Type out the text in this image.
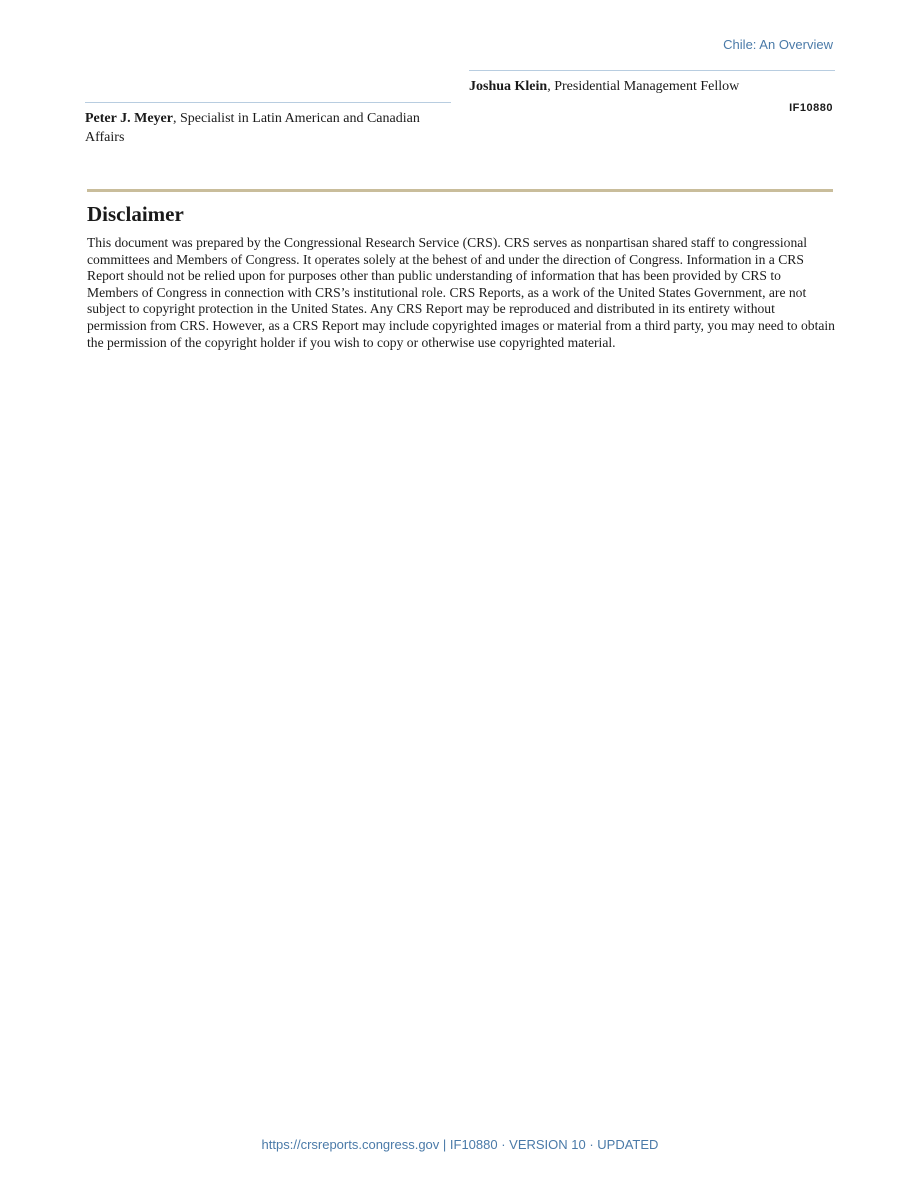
Chile: An Overview
Joshua Klein, Presidential Management Fellow
IF10880
Peter J. Meyer, Specialist in Latin American and Canadian Affairs
Disclaimer

This document was prepared by the Congressional Research Service (CRS). CRS serves as nonpartisan shared staff to congressional committees and Members of Congress. It operates solely at the behest of and under the direction of Congress. Information in a CRS Report should not be relied upon for purposes other than public understanding of information that has been provided by CRS to Members of Congress in connection with CRS’s institutional role. CRS Reports, as a work of the United States Government, are not subject to copyright protection in the United States. Any CRS Report may be reproduced and distributed in its entirety without permission from CRS. However, as a CRS Report may include copyrighted images or material from a third party, you may need to obtain the permission of the copyright holder if you wish to copy or otherwise use copyrighted material.

https://crsreports.congress.gov | IF10880 · VERSION 10 · UPDATED
